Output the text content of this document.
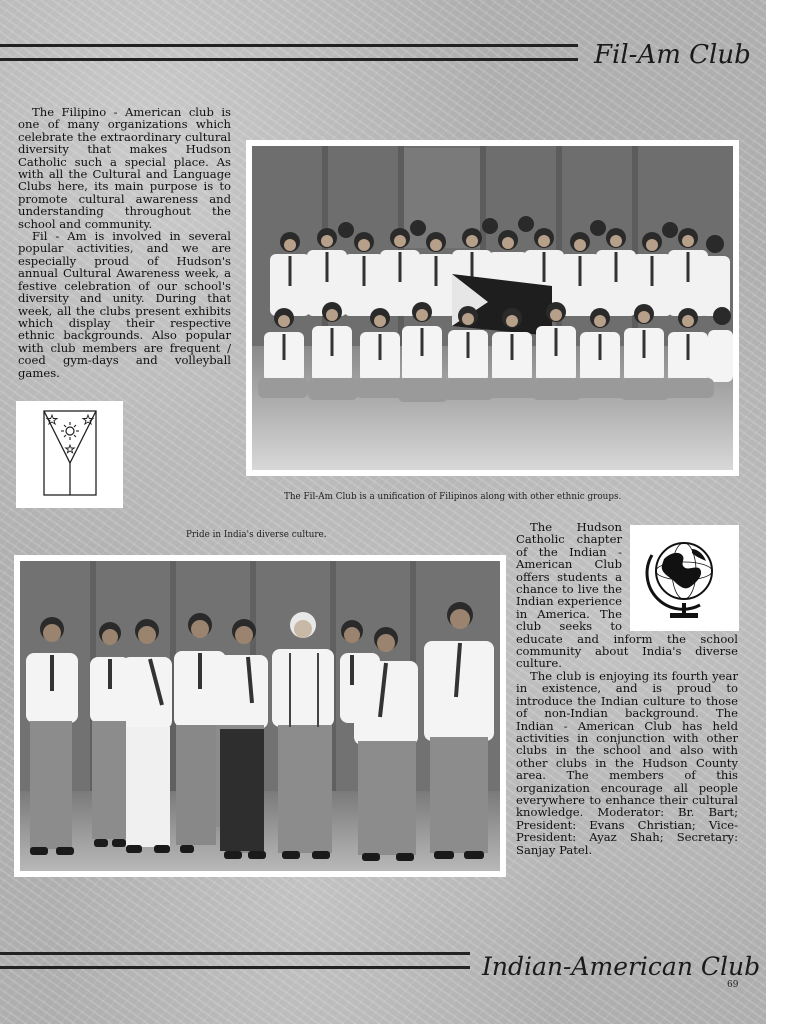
Fil-Am Club

The Filipino - American club is one of many organizations which celebrate the extraordinary cultural diversity that makes Hudson Catholic such a special place. As with all the Cultural and Language Clubs here, its main purpose is to promote cultural awareness and understanding throughout the school and community.

Fil - Am is involved in several popular activities, and we are especially proud of Hudson's annual Cultural Awareness week, a festive celebration of our school's diversity and unity. During that week, all the clubs present exhibits which display their respective ethnic backgrounds. Also popular with club members are frequent / coed gym-days and volleyball games.

The Fil-Am Club is a unification of Filipinos along with other ethnic groups.
Pride in India's diverse culture.

The Hudson Catholic chapter of the Indian - American Club offers students a chance to live the Indian experience in America. The club seeks to educate and inform the school community about India's diverse culture.

The club is enjoying its fourth year in existence, and is proud to introduce the Indian culture to those of non-Indian background. The Indian - American Club has held activities in conjunction with other clubs in the school and also with other clubs in the Hudson County area. The members of this organization encourage all people everywhere to enhance their cultural knowledge. Moderator: Br. Bart; President: Evans Christian; Vice-President: Ayaz Shah; Secretary: Sanjay Patel.

Indian-American Club
69
